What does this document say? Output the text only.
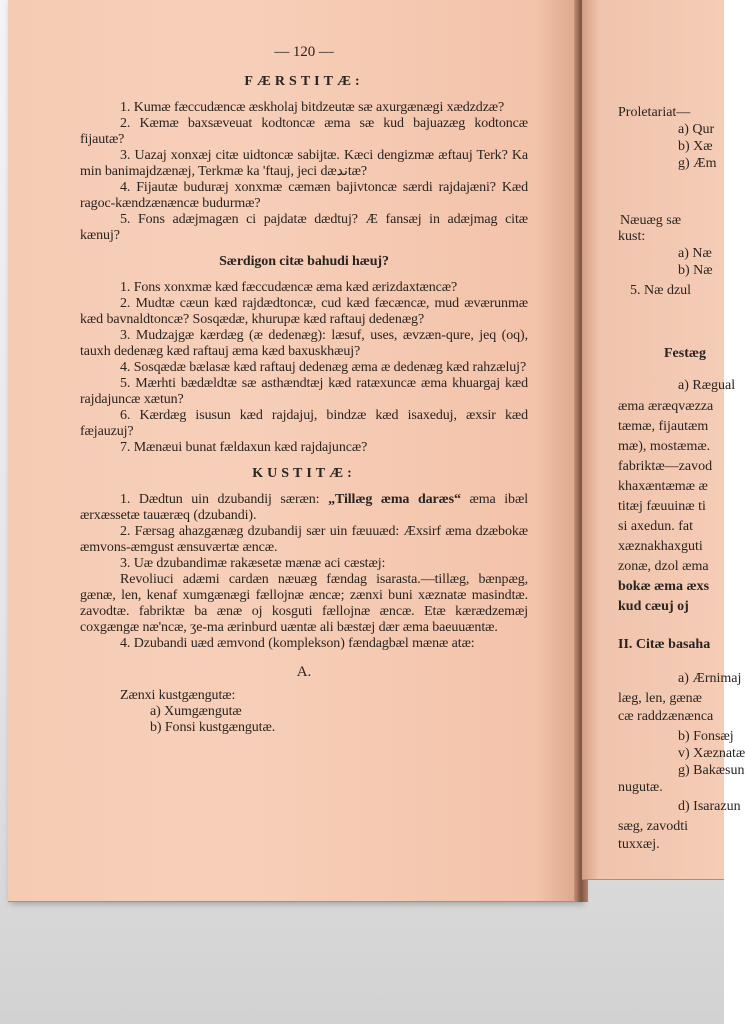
— 120 —
FÆRSTITÆ:
1. Kumæ fæccudæncæ æskholaj bitdzeutæ sæ axurgænægi xædzdzæ?
2. Kæmæ baxsæveuat kodtoncæ æma sæ kud bajuazæg kodtoncæ fijautæ?
3. Uazaj xonxæj citæ uidtoncæ sabijtæ. Kæci dengizmæ æftauj Terk? Ka min banimajdzænæj, Terkmæ ka 'ftauj, jeci dæندtæ?
4. Fijautæ buduræj xonxmæ cæmæn bajivtoncæ særdi rajdajæni? Kæd ragoc-kændzænæncæ budurmæ?
5. Fons adæjmagæn ci pajdatæ dædtuj? Æ fansæj in adæjmag citæ kænuj?
Særdigon citæ bahudi hæuj?
1. Fons xonxmæ kæd fæccudæncæ æma kæd ærizdaxtæncæ?
2. Mudtæ cæun kæd rajdædtoncæ, cud kæd fæcæncæ, mud æværunmæ kæd bavnaldtoncæ? Sosqædæ, khurupæ kæd raftauj dedenæg?
3. Mudzajgæ kærdæg (æ dedenæg): læsuf, uses, ævzæn-qure, jeq (oq), tauxh dedenæg kæd raftauj æma kæd baxuskhæuj?
4. Sosqædæ bælasæ kæd raftauj dedenæg æma æ dedenæg kæd rahzæluj?
5. Mærhti bædældtæ sæ asthændtæj kæd ratæxuncæ æma khuargaj kæd rajdajuncæ xætun?
6. Kærdæg isusun kæd rajdajuj, bindzæ kæd isaxeduj, æxsir kæd fæjauzuj?
7. Mænæui bunat fældaxun kæd rajdajuncæ?
KUSTITÆ:
1. Dædtun uin dzubandij særæn: „Tillæg æma daræs“ æma ibæl ærxæssetæ tauæræq (dzubandi).
2. Færsag ahazgænæg dzubandij sær uin fæuuæd: Æxsirf æma dzæbokæ æmvons-æmgust ænsuværtæ æncæ.
3. Uæ dzubandimæ rakæsetæ mænæ aci cæstæj:
Revoliuci adæmi cardæn næuæg fændag isarasta.—tillæg, bænpæg, gænæ, len, kenaf xumgænægi fællojnæ æncæ; zænxi buni xæznatæ masindtæ. zavodtæ. fabriktæ ba ænæ oj kosguti fællojnæ æncæ. Etæ kærædzemæj coxgængæ næ'ncæ, ʒe-ma ærinburd uæntæ ali bæstæj dær æma baeuuæntæ.
4. Dzubandi uæd æmvond (komplekson) fændagbæl mænæ atæ:
A.
Zænxi kustgængutæ:
a) Xumgængutæ
b) Fonsi kustgængutæ.
Proletariat—
a) Qur
b) Xæ
g) Æm
Næuæg sæ
kust:
a) Næ
b) Næ
5. Næ dzul
Festæg
a) Rægual
æma æræqvæzza
tæmæ, fijautæm
mæ), mostæmæ.
fabriktæ—zavod
khaxæntæmæ æ
titæj fæuuinæ ti
si axedun. fat
xæznakhaxguti
zonæ, dzol æma
bokæ æma æxs
kud cæuj oj
II. Citæ basaha
a) Ærnimaj
læg, len, gænæ
cæ raddzænænca
b) Fonsæj
v) Xæznatæ
g) Bakæsun
nugutæ.
d) Isarazun
sæg, zavodti
tuxxæj.
